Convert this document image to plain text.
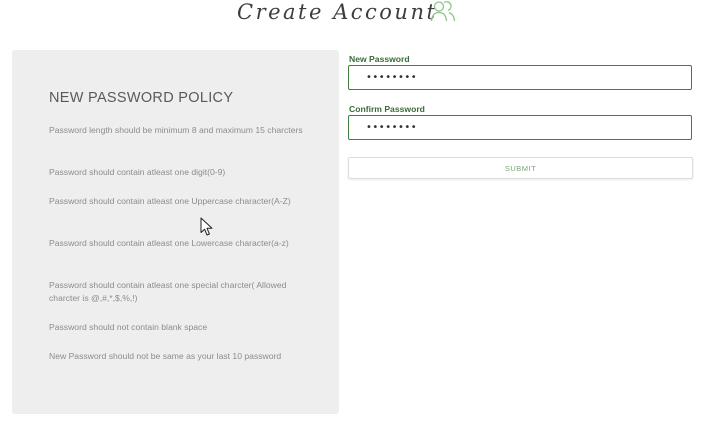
Create Account
NEW PASSWORD POLICY
Password length should be minimum 8 and maximum 15 charcters
Password should contain atleast one digit(0-9)
Password should contain atleast one Uppercase character(A-Z)
Password should contain atleast one Lowercase character(a-z)
Password should contain atleast one special charcter( Allowed charcter is @,#,*,$,%,!)
Password should not contain blank space
New Password should not be same as your last 10 password
New Password
••••••••
Confirm Password
••••••••
SUBMIT
